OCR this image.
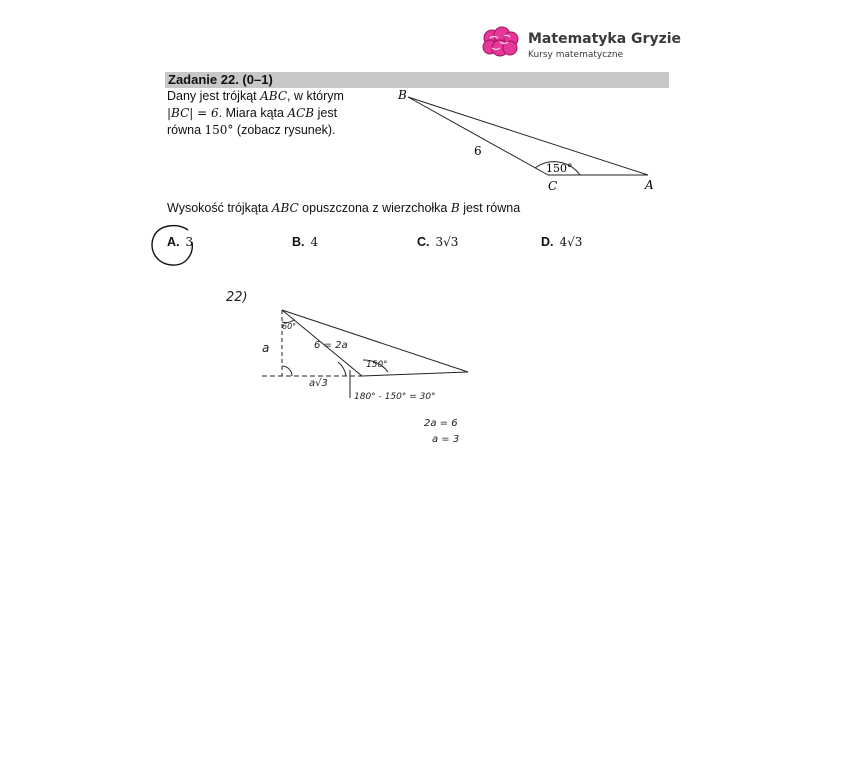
Matematyka Gryzie
Kursy matematyczne
Zadanie 22. (0–1)
Dany jest trójkąt ABC, w którym
|BC| = 6. Miara kąta ACB jest
równa 150° (zobacz rysunek).
B
C	A
6
150°
Wysokość trójkąta ABC opuszczona z wierzchołka B jest równa
A. 3	B. 4	C. 3√3	D. 4√3
22)
60°
a	6 = 2a
150°
a√3
180° - 150° = 30°
2a = 6
a = 3
